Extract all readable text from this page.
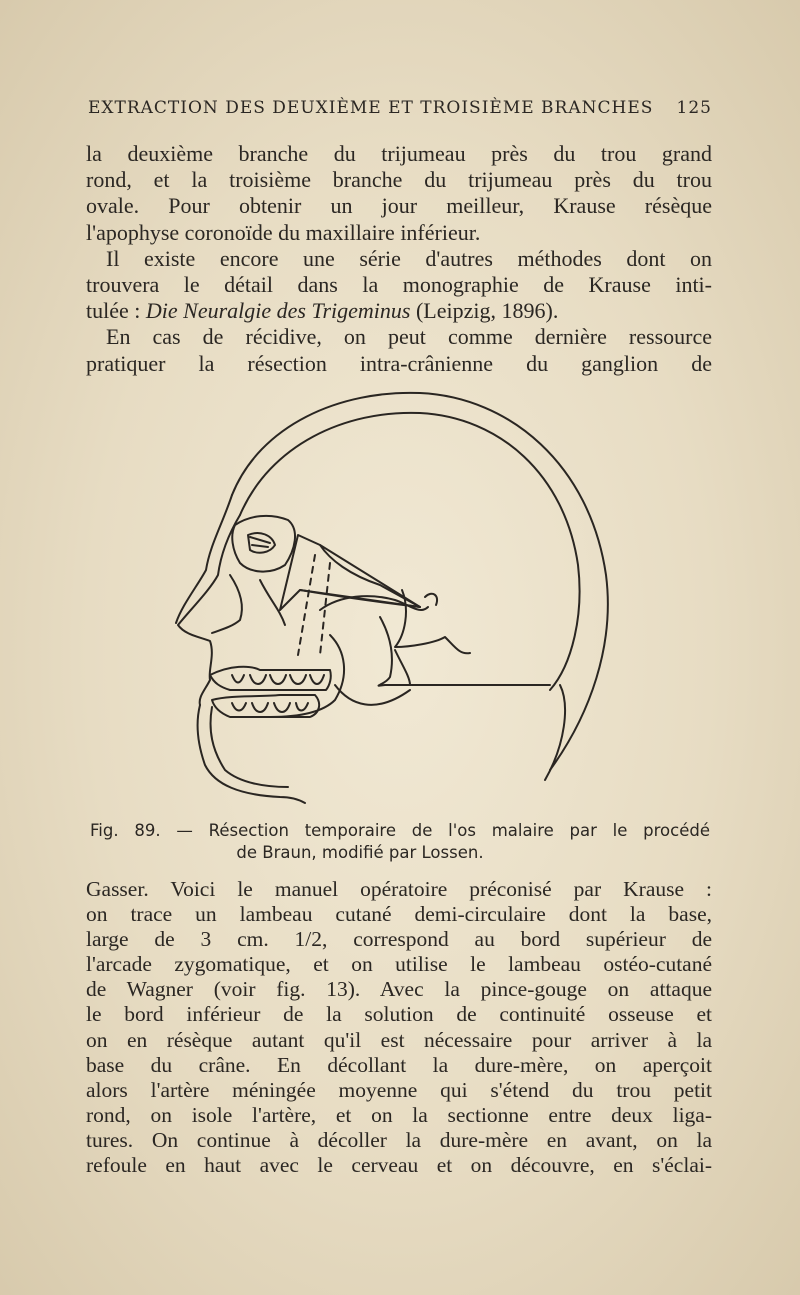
EXTRACTION DES DEUXIÈME ET TROISIÈME BRANCHES 125
la deuxième branche du trijumeau près du trou grand
rond, et la troisième branche du trijumeau près du trou
ovale. Pour obtenir un jour meilleur, Krause résèque
l'apophyse coronoïde du maxillaire inférieur.
Il existe encore une série d'autres méthodes dont on
trouvera le détail dans la monographie de Krause inti-
tulée : Die Neuralgie des Trigeminus (Leipzig, 1896).
En cas de récidive, on peut comme dernière ressource
pratiquer la résection intra-crânienne du ganglion de
Fig. 89. — Résection temporaire de l'os malaire par le procédé
de Braun, modifié par Lossen.
Gasser. Voici le manuel opératoire préconisé par Krause :
on trace un lambeau cutané demi-circulaire dont la base,
large de 3 cm. 1/2, correspond au bord supérieur de
l'arcade zygomatique, et on utilise le lambeau ostéo-cutané
de Wagner (voir fig. 13). Avec la pince-gouge on attaque
le bord inférieur de la solution de continuité osseuse et
on en résèque autant qu'il est nécessaire pour arriver à la
base du crâne. En décollant la dure-mère, on aperçoit
alors l'artère méningée moyenne qui s'étend du trou petit
rond, on isole l'artère, et on la sectionne entre deux liga-
tures. On continue à décoller la dure-mère en avant, on la
refoule en haut avec le cerveau et on découvre, en s'éclai-
